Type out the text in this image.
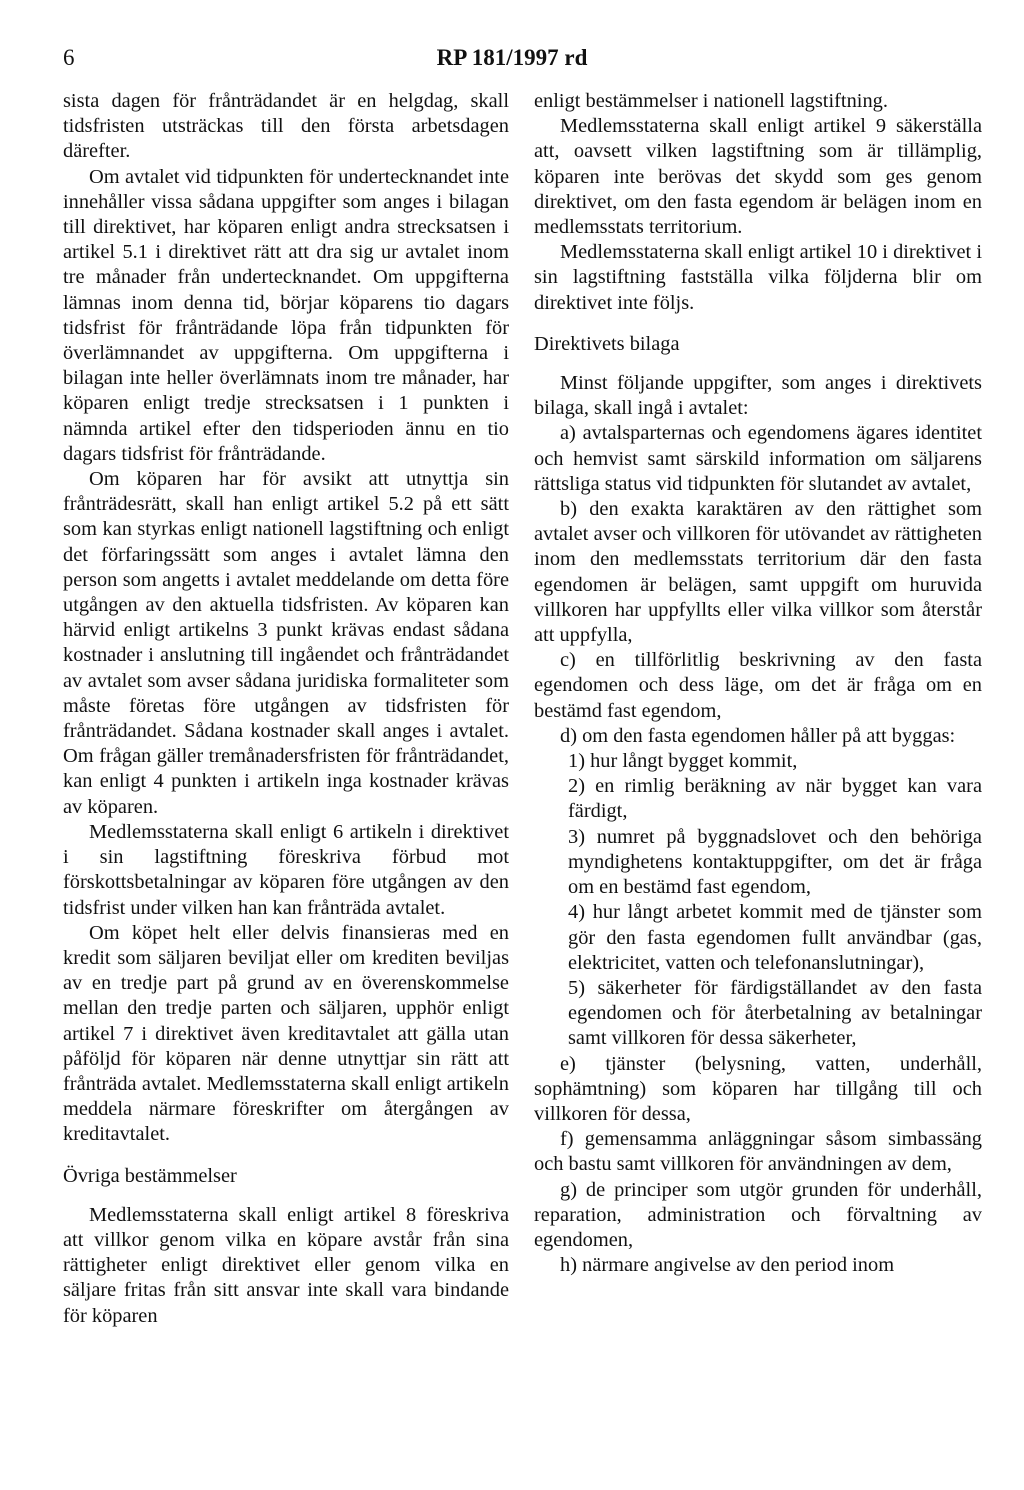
6	RP 181/1997 rd

sista dagen för frånträdandet är en helgdag, skall tidsfristen utsträckas till den första arbetsdagen därefter.

Om avtalet vid tidpunkten för undertecknandet inte innehåller vissa sådana uppgifter som anges i bilagan till direktivet, har köparen enligt andra strecksatsen i artikel 5.1 i direktivet rätt att dra sig ur avtalet inom tre månader från undertecknandet. Om uppgifterna lämnas inom denna tid, börjar köparens tio dagars tidsfrist för frånträdande löpa från tidpunkten för överlämnandet av uppgifterna. Om uppgifterna i bilagan inte heller överlämnats inom tre månader, har köparen enligt tredje strecksatsen i 1 punkten i nämnda artikel efter den tidsperioden ännu en tio dagars tidsfrist för frånträdande.

Om köparen har för avsikt att utnyttja sin frånträdesrätt, skall han enligt artikel 5.2 på ett sätt som kan styrkas enligt nationell lagstiftning och enligt det förfaringssätt som anges i avtalet lämna den person som angetts i avtalet meddelande om detta före utgången av den aktuella tidsfristen. Av köparen kan härvid enligt artikelns 3 punkt krävas endast sådana kostnader i anslutning till ingåendet och frånträdandet av avtalet som avser sådana juridiska formaliteter som måste företas före utgången av tidsfristen för frånträdandet. Sådana kostnader skall anges i avtalet. Om frågan gäller tremånadersfristen för frånträdandet, kan enligt 4 punkten i artikeln inga kostnader krävas av köparen.

Medlemsstaterna skall enligt 6 artikeln i direktivet i sin lagstiftning föreskriva förbud mot förskottsbetalningar av köparen före utgången av den tidsfrist under vilken han kan frånträda avtalet.

Om köpet helt eller delvis finansieras med en kredit som säljaren beviljat eller om krediten beviljas av en tredje part på grund av en överenskommelse mellan den tredje parten och säljaren, upphör enligt artikel 7 i direktivet även kreditavtalet att gälla utan påföljd för köparen när denne utnyttjar sin rätt att frånträda avtalet. Medlemsstaterna skall enligt artikeln meddela närmare föreskrifter om återgången av kreditavtalet.

Övriga bestämmelser

Medlemsstaterna skall enligt artikel 8 föreskriva att villkor genom vilka en köpare avstår från sina rättigheter enligt direktivet eller genom vilka en säljare fritas från sitt ansvar inte skall vara bindande för köparen

enligt bestämmelser i nationell lagstiftning.

Medlemsstaterna skall enligt artikel 9 säkerställa att, oavsett vilken lagstiftning som är tillämplig, köparen inte berövas det skydd som ges genom direktivet, om den fasta egendom är belägen inom en medlemsstats territorium.

Medlemsstaterna skall enligt artikel 10 i direktivet i sin lagstiftning fastställa vilka följderna blir om direktivet inte följs.

Direktivets bilaga

Minst följande uppgifter, som anges i direktivets bilaga, skall ingå i avtalet:

a) avtalsparternas och egendomens ägares identitet och hemvist samt särskild information om säljarens rättsliga status vid tidpunkten för slutandet av avtalet,

b) den exakta karaktären av den rättighet som avtalet avser och villkoren för utövandet av rättigheten inom den medlemsstats territorium där den fasta egendomen är belägen, samt uppgift om huruvida villkoren har uppfyllts eller vilka villkor som återstår att uppfylla,

c) en tillförlitlig beskrivning av den fasta egendomen och dess läge, om det är fråga om en bestämd fast egendom,

d) om den fasta egendomen håller på att byggas:

1) hur långt bygget kommit,

2) en rimlig beräkning av när bygget kan vara färdigt,

3) numret på byggnadslovet och den behöriga myndighetens kontaktuppgifter, om det är fråga om en bestämd fast egendom,

4) hur långt arbetet kommit med de tjänster som gör den fasta egendomen fullt användbar (gas, elektricitet, vatten och telefonanslutningar),

5) säkerheter för färdigställandet av den fasta egendomen och för återbetalning av betalningar samt villkoren för dessa säkerheter,

e) tjänster (belysning, vatten, underhåll, sophämtning) som köparen har tillgång till och villkoren för dessa,

f) gemensamma anläggningar såsom simbassäng och bastu samt villkoren för användningen av dem,

g) de principer som utgör grunden för underhåll, reparation, administration och förvaltning av egendomen,

h) närmare angivelse av den period inom
